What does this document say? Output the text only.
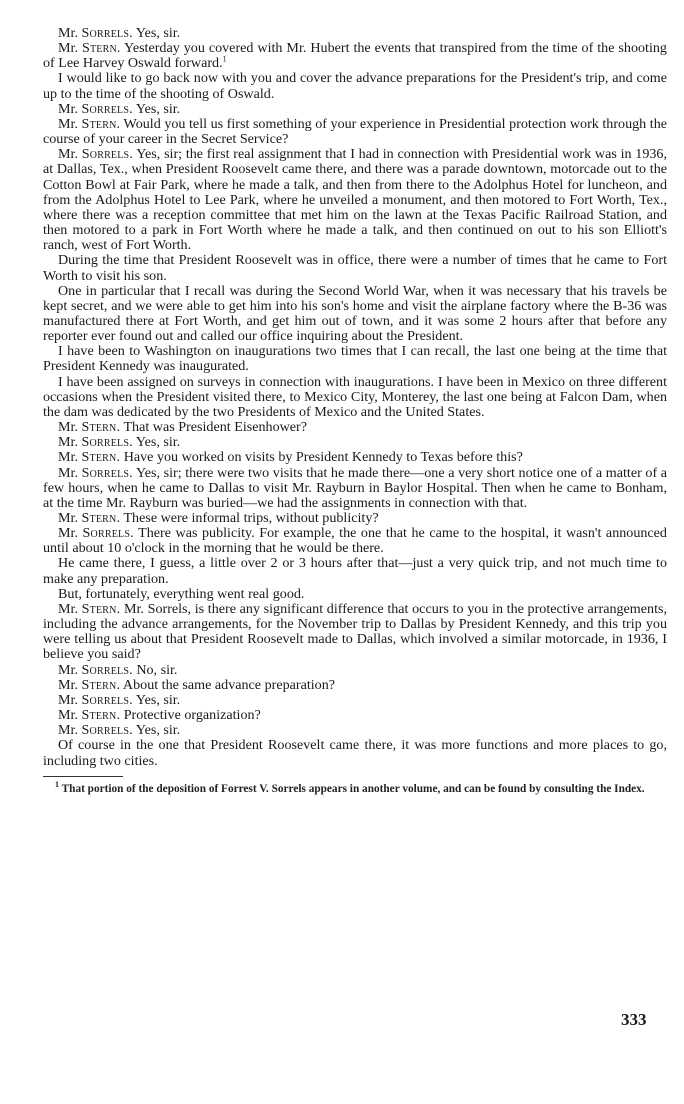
Mr. Sorrels. Yes, sir.

Mr. Stern. Yesterday you covered with Mr. Hubert the events that transpired from the time of the shooting of Lee Harvey Oswald forward.$^1$

I would like to go back now with you and cover the advance preparations for the President's trip, and come up to the time of the shooting of Oswald.

Mr. Sorrels. Yes, sir.

Mr. Stern. Would you tell us first something of your experience in Presidential protection work through the course of your career in the Secret Service?

Mr. Sorrels. Yes, sir; the first real assignment that I had in connection with Presidential work was in 1936, at Dallas, Tex., when President Roosevelt came there, and there was a parade downtown, motorcade out to the Cotton Bowl at Fair Park, where he made a talk, and then from there to the Adolphus Hotel for luncheon, and from the Adolphus Hotel to Lee Park, where he unveiled a monument, and then motored to Fort Worth, Tex., where there was a reception committee that met him on the lawn at the Texas Pacific Railroad Station, and then motored to a park in Fort Worth where he made a talk, and then continued on out to his son Elliott's ranch, west of Fort Worth.

During the time that President Roosevelt was in office, there were a number of times that he came to Fort Worth to visit his son.

One in particular that I recall was during the Second World War, when it was necessary that his travels be kept secret, and we were able to get him into his son's home and visit the airplane factory where the B-36 was manufactured there at Fort Worth, and get him out of town, and it was some 2 hours after that before any reporter ever found out and called our office inquiring about the President.

I have been to Washington on inaugurations two times that I can recall, the last one being at the time that President Kennedy was inaugurated.

I have been assigned on surveys in connection with inaugurations. I have been in Mexico on three different occasions when the President visited there, to Mexico City, Monterey, the last one being at Falcon Dam, when the dam was dedicated by the two Presidents of Mexico and the United States.

Mr. Stern. That was President Eisenhower?

Mr. Sorrels. Yes, sir.

Mr. Stern. Have you worked on visits by President Kennedy to Texas before this?

Mr. Sorrels. Yes, sir; there were two visits that he made there—one a very short notice one of a matter of a few hours, when he came to Dallas to visit Mr. Rayburn in Baylor Hospital. Then when he came to Bonham, at the time Mr. Rayburn was buried—we had the assignments in connection with that.

Mr. Stern. These were informal trips, without publicity?

Mr. Sorrels. There was publicity. For example, the one that he came to the hospital, it wasn't announced until about 10 o'clock in the morning that he would be there.

He came there, I guess, a little over 2 or 3 hours after that—just a very quick trip, and not much time to make any preparation.

But, fortunately, everything went real good.

Mr. Stern. Mr. Sorrels, is there any significant difference that occurs to you in the protective arrangements, including the advance arrangements, for the November trip to Dallas by President Kennedy, and this trip you were telling us about that President Roosevelt made to Dallas, which involved a similar motorcade, in 1936, I believe you said?

Mr. Sorrels. No, sir.

Mr. Stern. About the same advance preparation?

Mr. Sorrels. Yes, sir.

Mr. Stern. Protective organization?

Mr. Sorrels. Yes, sir.

Of course in the one that President Roosevelt came there, it was more functions and more places to go, including two cities.

$^1$ That portion of the deposition of Forrest V. Sorrels appears in another volume, and can be found by consulting the Index.

333
